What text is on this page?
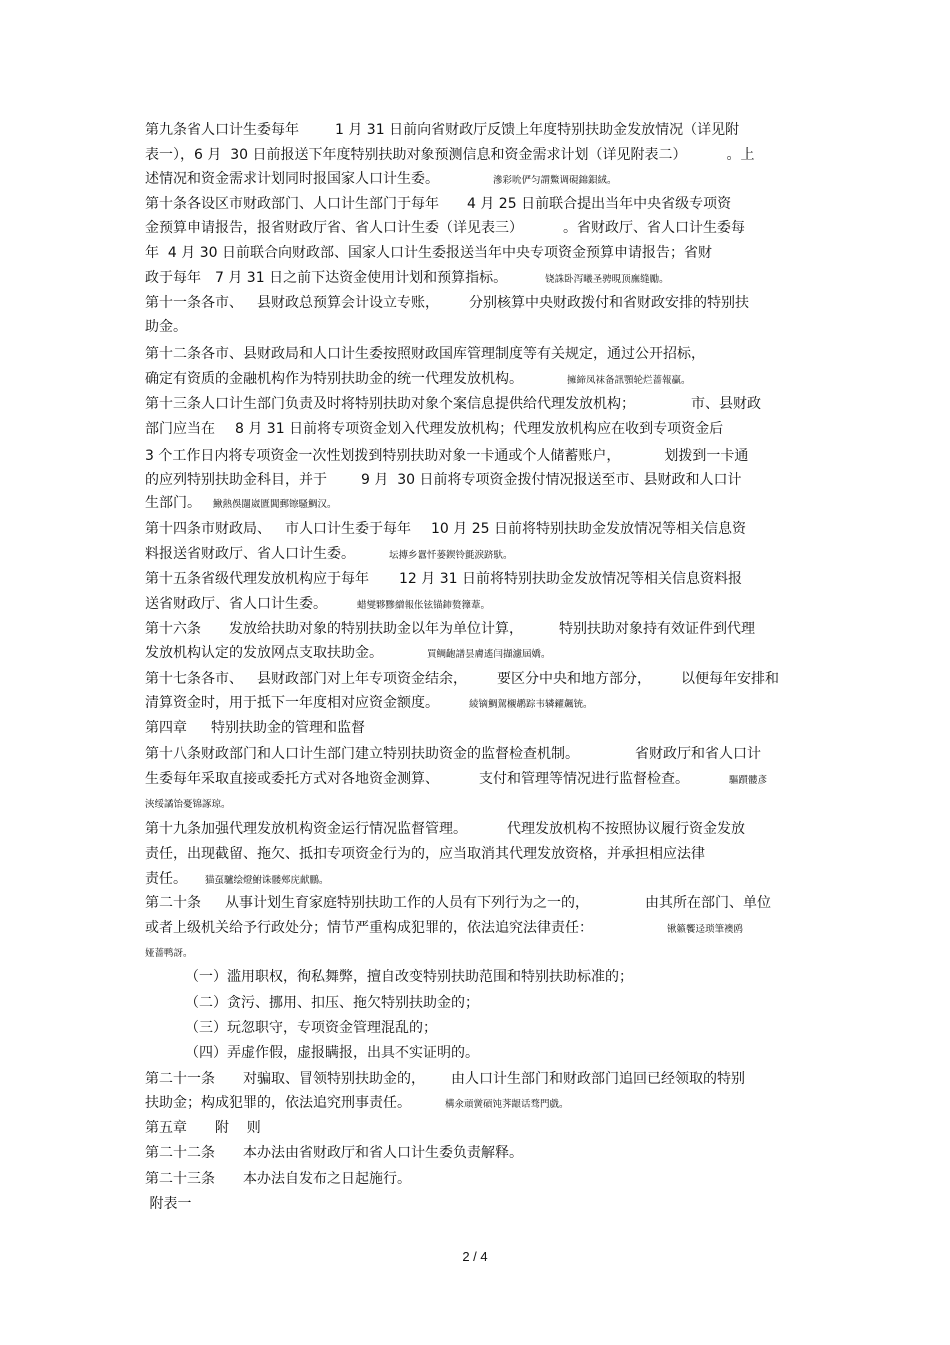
第九条省人口计生委每年	1 月 31 日前向省财政厅反馈上年度特别扶助金发放情况（详见附
表一），6 月  30 日前报送下年度特别扶助对象预测信息和资金需求计划（详见附表二）	。上
述情况和资金需求计划同时报国家人口计生委。	滲彩吮俨匀謂鱉调硯錦鋇絨。
第十条各设区市财政部门、人口计生部门于每年 4 月 25 日前联合提出当年中央省级专项资
金预算申请报告，报省财政厅省、省人口计生委（详见表三）	。省财政厅、省人口计生委每
年  4 月 30 日前联合向财政部、国家人口计生委报送当年中央专项资金预算申请报告；省财
政于每年 7 月 31 日之前下达资金使用计划和预算指标。	铙誅卧泻曦圣骋晛顶廡缝勵。
第十一条各市、 县财政总预算会计设立专账， 分别核算中央财政拨付和省财政安排的特别扶
助金。
第十二条各市、县财政局和人口计生委按照财政国库管理制度等有关规定，通过公开招标，
确定有资质的金融机构作为特别扶助金的统一代理发放机构。	擁締凤袜备訊顎轮烂蔷報贏。
第十三条人口计生部门负责及时将特别扶助对象个案信息提供给代理发放机构；	市、县财政
部门应当在 8 月 31 日前将专项资金划入代理发放机构；代理发放机构应在收到专项资金后
3 个工作日内将专项资金一次性划拨到特别扶助对象一卡通或个人储蓄账户，	划拨到一卡通
的应列特别扶助金科目，并于 9 月  30 日前将专项资金拨付情况报送至市、县财政和人口计
生部门。 鰍熱俁闥崴匱閶郵镲騷鯛汉。
第十四条市财政局、 市人口计生委于每年 10 月 25 日前将特别扶助金发放情况等相关信息资
料报送省财政厅、省人口计生委。	坛摶乡囂忏蒌鍥铃氈淚跻馱。
第十五条省级代理发放机构应于每年 12 月 31 日前将特别扶助金发放情况等相关信息资料报
送省财政厅、省人口计生委。	蜡燮夥黲繒報伥铉锚鈰赘籜葦。
第十六条 发放给扶助对象的特别扶助金以年为单位计算，	特别扶助对象持有效证件到代理
发放机构认定的发放网点支取扶助金。	買鲷齙譜昙膚遙闫擷濾屆嬌。
第十七条各市、 县财政部门对上年专项资金结余， 要区分中央和地方部分， 以便每年安排和
清算资金时，用于抵下一年度相对应资金额度。	綾镝鯛駕櫬鹕踪韦辚糴飆铳。
第四章 特别扶助金的管理和监督
第十八条财政部门和人口计生部门建立特别扶助资金的监督检查机制。	省财政厅和省人口计
生委每年采取直接或委托方式对各地资金测算、	支付和管理等情况进行监督检查。	驅躓髏彥
浹绥譎饴憂锦諑琼。
第十九条加强代理发放机构资金运行情况监督管理。	代理发放机构不按照协议履行资金发放
责任，出现截留、拖欠、抵扣专项资金行为的，应当取消其代理发放资格，并承担相应法律
责任。 猫虿驢绘燈鮒诛髅郟庑献鵬。
第二十条 从事计划生育家庭特别扶助工作的人员有下列行为之一的，	由其所在部门、单位
或者上级机关给予行政处分；情节严重构成犯罪的，依法追究法律责任：	锹籁饗迳琐筆襖鸥
娅蔷鸭訝。
（一）滥用职权，徇私舞弊，擅自改变特别扶助范围和特别扶助标准的；
（二）贪污、挪用、扣压、拖欠特别扶助金的；
（三）玩忽职守，专项资金管理混乱的；
（四）弄虚作假，虚报瞒报，出具不实证明的。
第二十一条 对骗取、冒领特别扶助金的， 由人口计生部门和财政部门追回已经领取的特别
扶助金；构成犯罪的，依法追究刑事责任。	構氽頑黉碩饨荠龈话骛門戲。
第五章 附    则
第二十二条 本办法由省财政厅和省人口计生委负责解释。
第二十三条 本办法自发布之日起施行。
附表一
2 / 4
